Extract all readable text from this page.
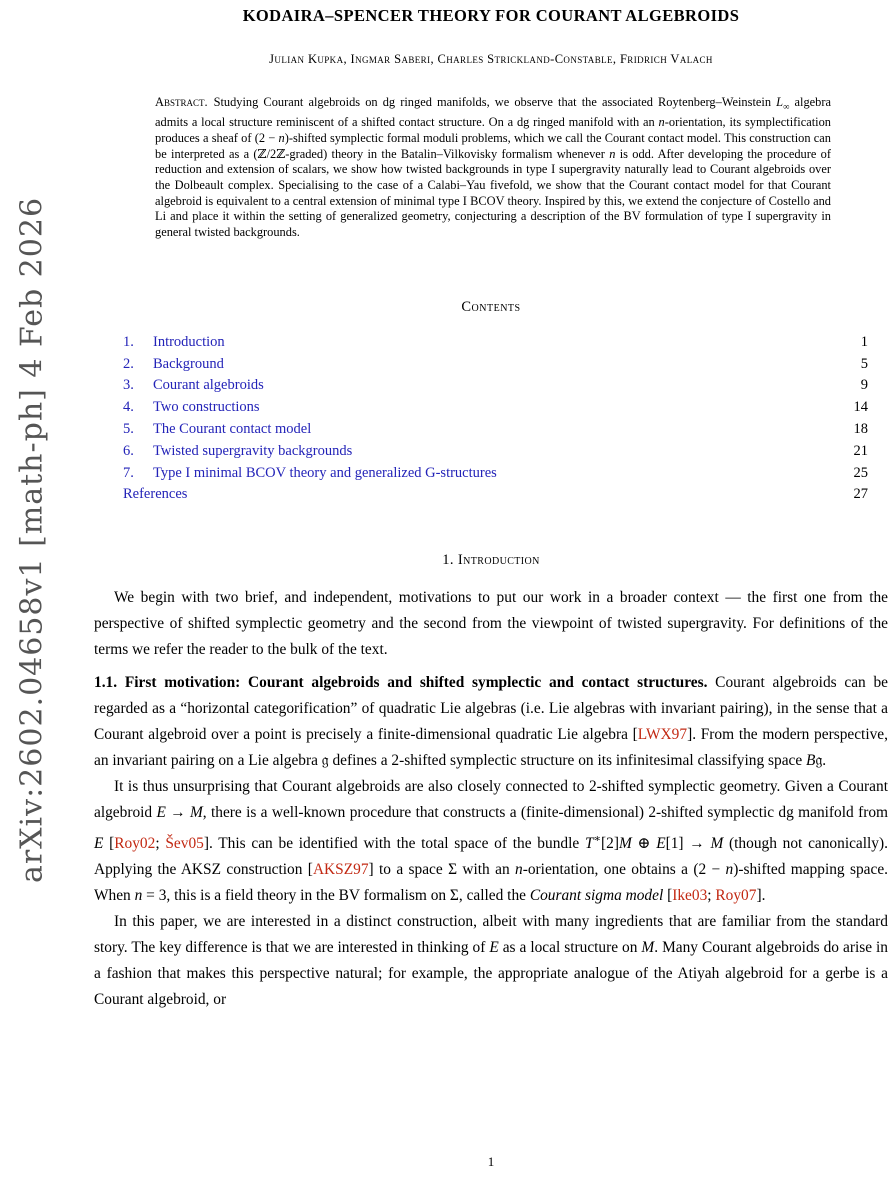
arXiv:2602.04658v1 [math-ph] 4 Feb 2026
KODAIRA–SPENCER THEORY FOR COURANT ALGEBROIDS
Julian Kupka, Ingmar Saberi, Charles Strickland-Constable, Fridrich Valach

Abstract. Studying Courant algebroids on dg ringed manifolds, we observe that the associated Roytenberg–Weinstein $L_\infty$ algebra admits a local structure reminiscent of a shifted contact structure. On a dg ringed manifold with an n-orientation, its symplectification produces a sheaf of (2 − n)-shifted symplectic formal moduli problems, which we call the Courant contact model. This construction can be interpreted as a (ℤ/2ℤ-graded) theory in the Batalin–Vilkovisky formalism whenever n is odd. After developing the procedure of reduction and extension of scalars, we show how twisted backgrounds in type I supergravity naturally lead to Courant algebroids over the Dolbeault complex. Specialising to the case of a Calabi–Yau fivefold, we show that the Courant contact model for that Courant algebroid is equivalent to a central extension of minimal type I BCOV theory. Inspired by this, we extend the conjecture of Costello and Li and place it within the setting of generalized geometry, conjecturing a description of the BV formulation of type I supergravity in general twisted backgrounds.

Contents
1.	Introduction	1
2.	Background	5
3.	Courant algebroids	9
4.	Two constructions	14
5.	The Courant contact model	18
6.	Twisted supergravity backgrounds	21
7.	Type I minimal BCOV theory and generalized G-structures	25
References	27
1. Introduction

We begin with two brief, and independent, motivations to put our work in a broader context — the first one from the perspective of shifted symplectic geometry and the second from the viewpoint of twisted supergravity. For definitions of the terms we refer the reader to the bulk of the text.

1.1. First motivation: Courant algebroids and shifted symplectic and contact structures. Courant algebroids can be regarded as a “horizontal categorification” of quadratic Lie algebras (i.e. Lie algebras with invariant pairing), in the sense that a Courant algebroid over a point is precisely a finite-dimensional quadratic Lie algebra [LWX97]. From the modern perspective, an invariant pairing on a Lie algebra 𝔤 defines a 2-shifted symplectic structure on its infinitesimal classifying space B𝔤.

It is thus unsurprising that Courant algebroids are also closely connected to 2-shifted symplectic geometry. Given a Courant algebroid E → M, there is a well-known procedure that constructs a (finite-dimensional) 2-shifted symplectic dg manifold from E [Roy02; Šev05]. This can be identified with the total space of the bundle T∗[2]M ⊕ E[1] → M (though not canonically). Applying the AKSZ construction [AKSZ97] to a space Σ with an n-orientation, one obtains a (2 − n)-shifted mapping space. When n = 3, this is a field theory in the BV formalism on Σ, called the Courant sigma model [Ike03; Roy07].

In this paper, we are interested in a distinct construction, albeit with many ingredients that are familiar from the standard story. The key difference is that we are interested in thinking of E as a local structure on M. Many Courant algebroids do arise in a fashion that makes this perspective natural; for example, the appropriate analogue of the Atiyah algebroid for a gerbe is a Courant algebroid, or

1
